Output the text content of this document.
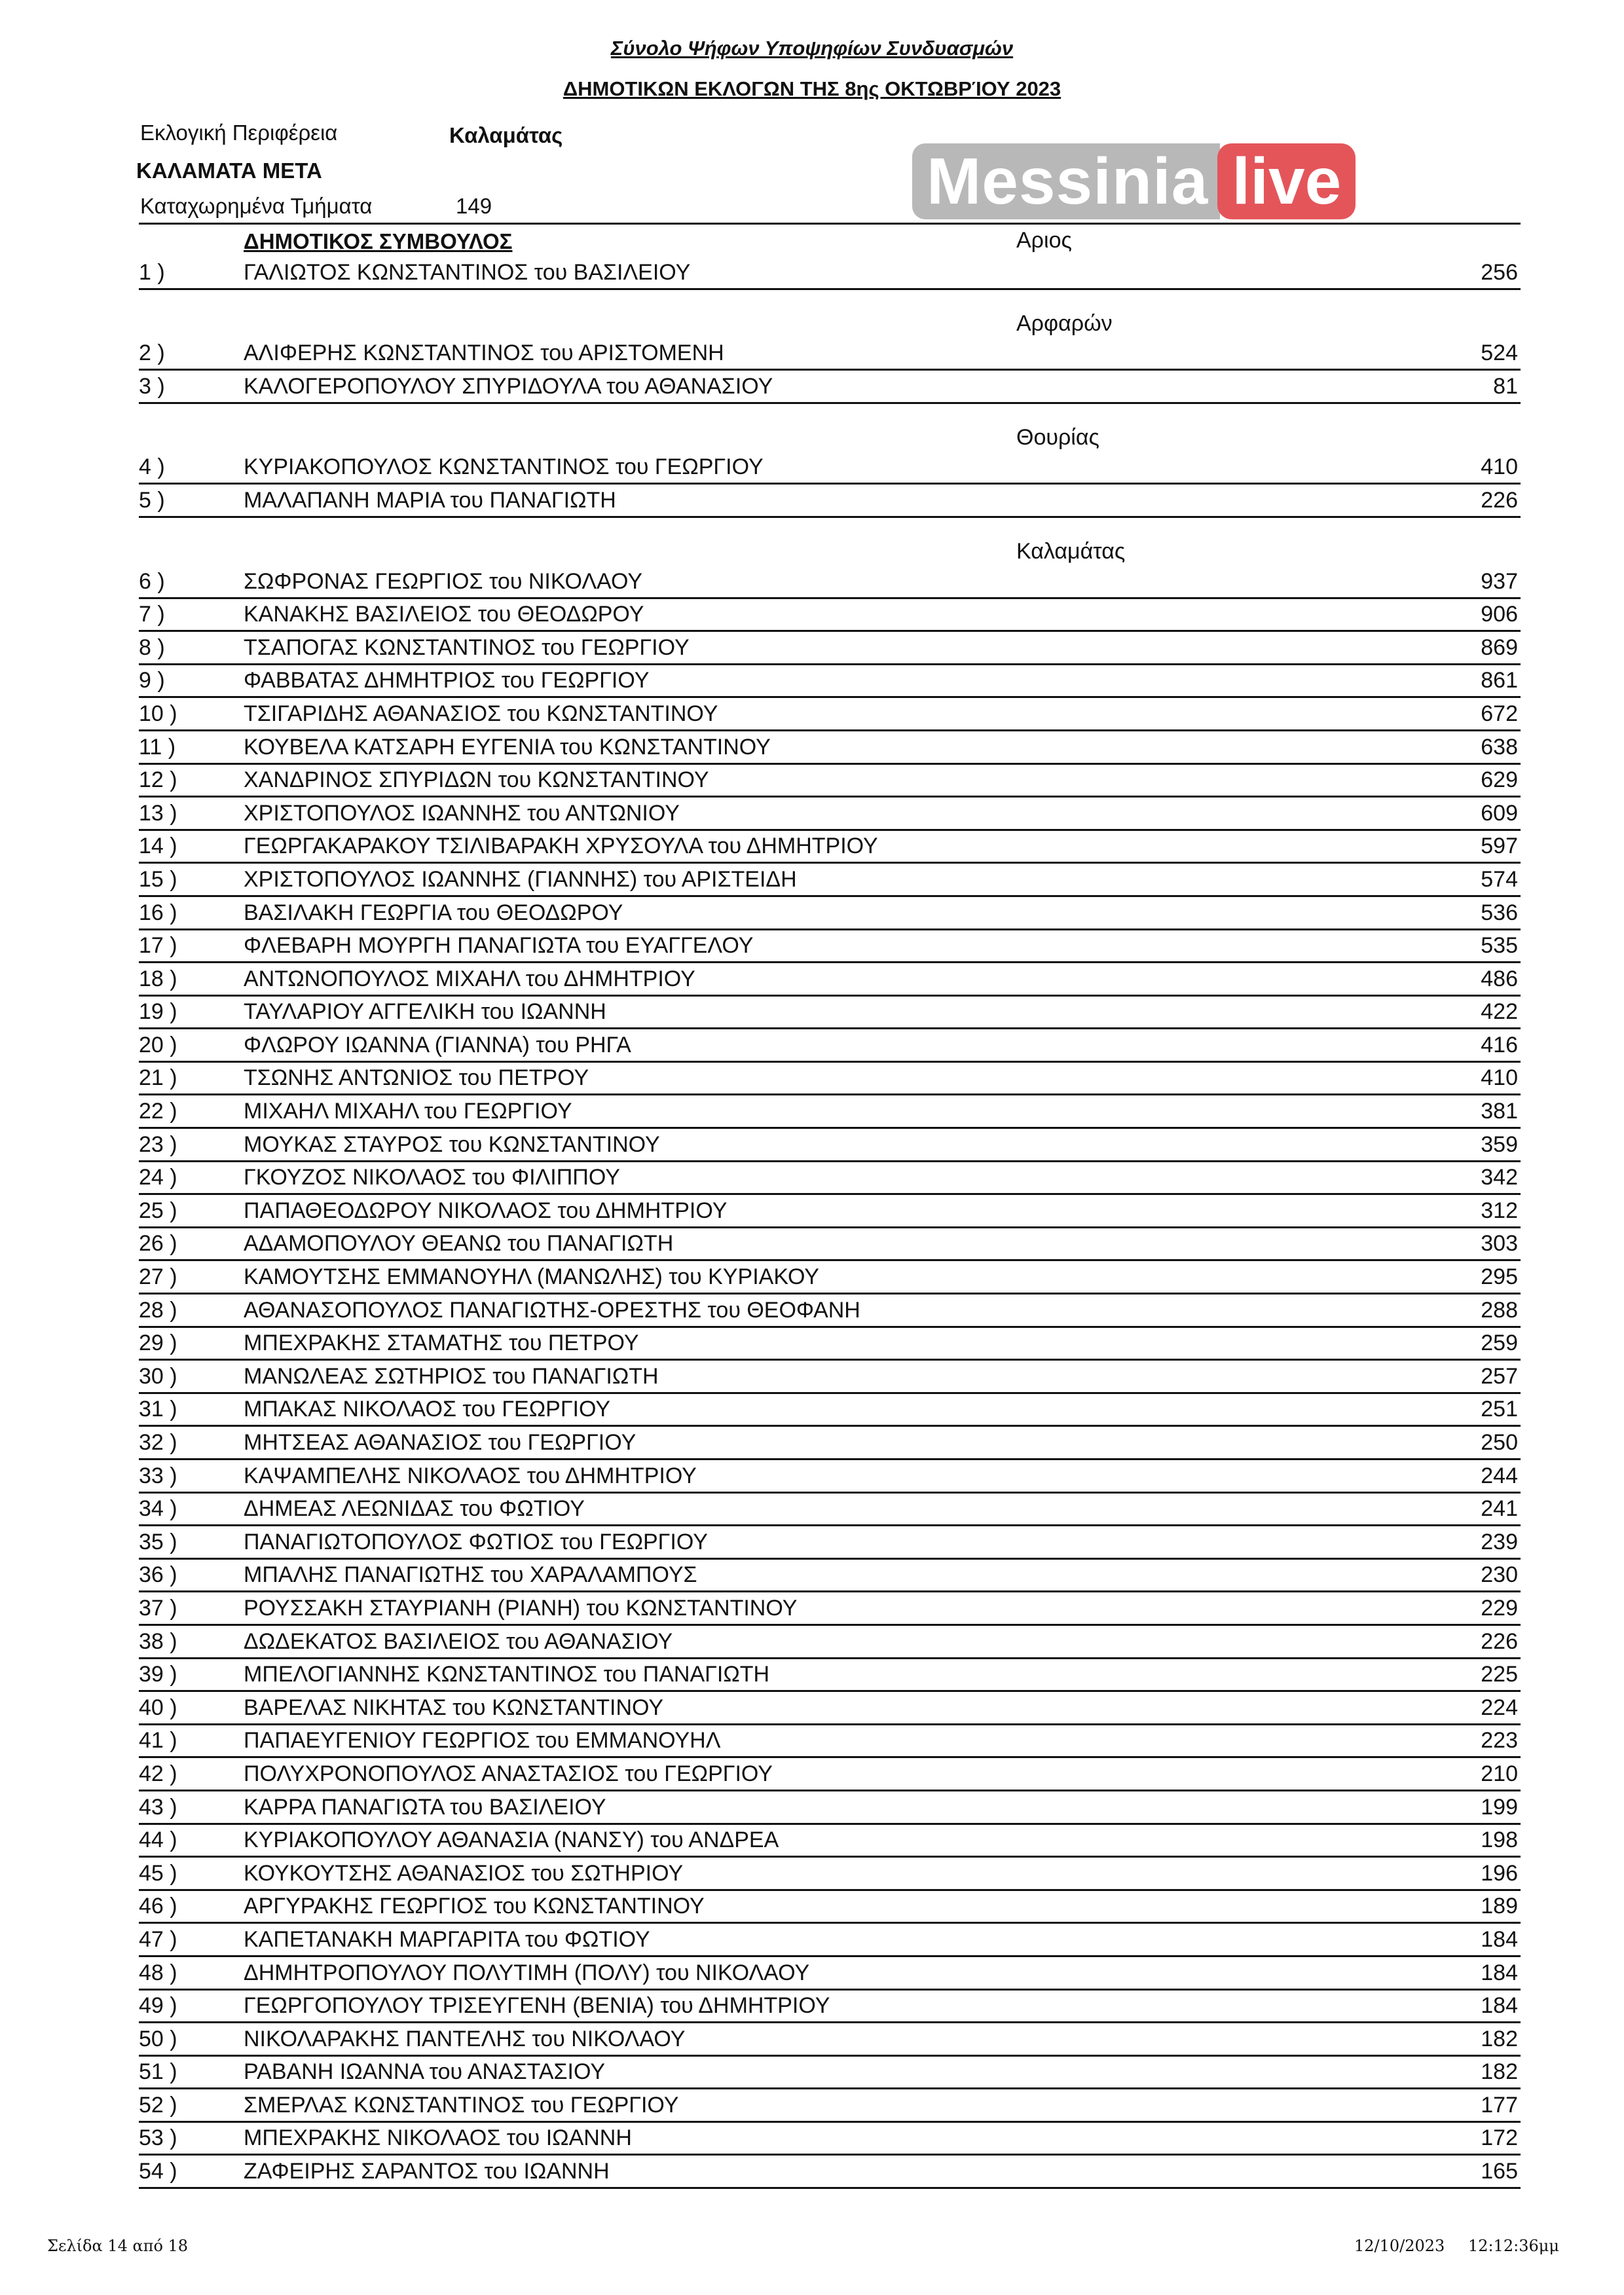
Σύνολο Ψήφων Υποψηφίων Συνδυασμών
ΔΗΜΟΤΙΚΩΝ ΕΚΛΟΓΩΝ ΤΗΣ 8ης ΟΚΤΩΒΡΊΟΥ 2023
Εκλογική Περιφέρεια	Καλαμάτας
ΚΑΛΑΜΑΤΑ ΜΕΤΑ
Καταχωρημένα Τμήματα	149	Messinia live
ΔΗΜΟΤΙΚΟΣ ΣΥΜΒΟΥΛΟΣ	Αριος
1 )	ΓΑΛΙΩΤΟΣ ΚΩΝΣΤΑΝΤΙΝΟΣ του ΒΑΣΙΛΕΙΟΥ	256
Αρφαρών
2 )	ΑΛΙΦΕΡΗΣ ΚΩΝΣΤΑΝΤΙΝΟΣ του ΑΡΙΣΤΟΜΕΝΗ	524
3 )	ΚΑΛΟΓΕΡΟΠΟΥΛΟΥ ΣΠΥΡΙΔΟΥΛΑ του ΑΘΑΝΑΣΙΟΥ	81
Θουρίας
4 )	ΚΥΡΙΑΚΟΠΟΥΛΟΣ ΚΩΝΣΤΑΝΤΙΝΟΣ του ΓΕΩΡΓΙΟΥ	410
5 )	ΜΑΛΑΠΑΝΗ ΜΑΡΙΑ του ΠΑΝΑΓΙΩΤΗ	226
Καλαμάτας
6 )	ΣΩΦΡΟΝΑΣ ΓΕΩΡΓΙΟΣ του ΝΙΚΟΛΑΟΥ	937
7 )	ΚΑΝΑΚΗΣ ΒΑΣΙΛΕΙΟΣ του ΘΕΟΔΩΡΟΥ	906
8 )	ΤΣΑΠΟΓΑΣ ΚΩΝΣΤΑΝΤΙΝΟΣ του ΓΕΩΡΓΙΟΥ	869
9 )	ΦΑΒΒΑΤΑΣ ΔΗΜΗΤΡΙΟΣ του ΓΕΩΡΓΙΟΥ	861
10 )	ΤΣΙΓΑΡΙΔΗΣ ΑΘΑΝΑΣΙΟΣ του ΚΩΝΣΤΑΝΤΙΝΟΥ	672
11 )	ΚΟΥΒΕΛΑ ΚΑΤΣΑΡΗ ΕΥΓΕΝΙΑ του ΚΩΝΣΤΑΝΤΙΝΟΥ	638
12 )	ΧΑΝΔΡΙΝΟΣ ΣΠΥΡΙΔΩΝ του ΚΩΝΣΤΑΝΤΙΝΟΥ	629
13 )	ΧΡΙΣΤΟΠΟΥΛΟΣ ΙΩΑΝΝΗΣ του ΑΝΤΩΝΙΟΥ	609
14 )	ΓΕΩΡΓΑΚΑΡΑΚΟΥ ΤΣΙΛΙΒΑΡΑΚΗ ΧΡΥΣΟΥΛΑ του ΔΗΜΗΤΡΙΟΥ	597
15 )	ΧΡΙΣΤΟΠΟΥΛΟΣ ΙΩΑΝΝΗΣ (ΓΙΑΝΝΗΣ) του ΑΡΙΣΤΕΙΔΗ	574
16 )	ΒΑΣΙΛΑΚΗ ΓΕΩΡΓΙΑ του ΘΕΟΔΩΡΟΥ	536
17 )	ΦΛΕΒΑΡΗ ΜΟΥΡΓΗ ΠΑΝΑΓΙΩΤΑ του ΕΥΑΓΓΕΛΟΥ	535
18 )	ΑΝΤΩΝΟΠΟΥΛΟΣ ΜΙΧΑΗΛ του ΔΗΜΗΤΡΙΟΥ	486
19 )	ΤΑΥΛΑΡΙΟΥ ΑΓΓΕΛΙΚΗ του ΙΩΑΝΝΗ	422
20 )	ΦΛΩΡΟΥ ΙΩΑΝΝΑ (ΓΙΑΝΝΑ) του ΡΗΓΑ	416
21 )	ΤΣΩΝΗΣ ΑΝΤΩΝΙΟΣ του ΠΕΤΡΟΥ	410
22 )	ΜΙΧΑΗΛ ΜΙΧΑΗΛ του ΓΕΩΡΓΙΟΥ	381
23 )	ΜΟΥΚΑΣ ΣΤΑΥΡΟΣ του ΚΩΝΣΤΑΝΤΙΝΟΥ	359
24 )	ΓΚΟΥΖΟΣ ΝΙΚΟΛΑΟΣ του ΦΙΛΙΠΠΟΥ	342
25 )	ΠΑΠΑΘΕΟΔΩΡΟΥ ΝΙΚΟΛΑΟΣ του ΔΗΜΗΤΡΙΟΥ	312
26 )	ΑΔΑΜΟΠΟΥΛΟΥ ΘΕΑΝΩ του ΠΑΝΑΓΙΩΤΗ	303
27 )	ΚΑΜΟΥΤΣΗΣ ΕΜΜΑΝΟΥΗΛ (ΜΑΝΩΛΗΣ) του ΚΥΡΙΑΚΟΥ	295
28 )	ΑΘΑΝΑΣΟΠΟΥΛΟΣ ΠΑΝΑΓΙΩΤΗΣ-ΟΡΕΣΤΗΣ του ΘΕΟΦΑΝΗ	288
29 )	ΜΠΕΧΡΑΚΗΣ ΣΤΑΜΑΤΗΣ του ΠΕΤΡΟΥ	259
30 )	ΜΑΝΩΛΕΑΣ ΣΩΤΗΡΙΟΣ του ΠΑΝΑΓΙΩΤΗ	257
31 )	ΜΠΑΚΑΣ ΝΙΚΟΛΑΟΣ του ΓΕΩΡΓΙΟΥ	251
32 )	ΜΗΤΣΕΑΣ ΑΘΑΝΑΣΙΟΣ του ΓΕΩΡΓΙΟΥ	250
33 )	ΚΑΨΑΜΠΕΛΗΣ ΝΙΚΟΛΑΟΣ του ΔΗΜΗΤΡΙΟΥ	244
34 )	ΔΗΜΕΑΣ ΛΕΩΝΙΔΑΣ του ΦΩΤΙΟΥ	241
35 )	ΠΑΝΑΓΙΩΤΟΠΟΥΛΟΣ ΦΩΤΙΟΣ του ΓΕΩΡΓΙΟΥ	239
36 )	ΜΠΑΛΗΣ ΠΑΝΑΓΙΩΤΗΣ του ΧΑΡΑΛΑΜΠΟΥΣ	230
37 )	ΡΟΥΣΣΑΚΗ ΣΤΑΥΡΙΑΝΗ (ΡΙΑΝΗ) του ΚΩΝΣΤΑΝΤΙΝΟΥ	229
38 )	ΔΩΔΕΚΑΤΟΣ ΒΑΣΙΛΕΙΟΣ του ΑΘΑΝΑΣΙΟΥ	226
39 )	ΜΠΕΛΟΓΙΑΝΝΗΣ ΚΩΝΣΤΑΝΤΙΝΟΣ του ΠΑΝΑΓΙΩΤΗ	225
40 )	ΒΑΡΕΛΑΣ ΝΙΚΗΤΑΣ του ΚΩΝΣΤΑΝΤΙΝΟΥ	224
41 )	ΠΑΠΑΕΥΓΕΝΙΟΥ ΓΕΩΡΓΙΟΣ του ΕΜΜΑΝΟΥΗΛ	223
42 )	ΠΟΛΥΧΡΟΝΟΠΟΥΛΟΣ ΑΝΑΣΤΑΣΙΟΣ του ΓΕΩΡΓΙΟΥ	210
43 )	ΚΑΡΡΑ ΠΑΝΑΓΙΩΤΑ του ΒΑΣΙΛΕΙΟΥ	199
44 )	ΚΥΡΙΑΚΟΠΟΥΛΟΥ ΑΘΑΝΑΣΙΑ (ΝΑΝΣΥ) του ΑΝΔΡΕΑ	198
45 )	ΚΟΥΚΟΥΤΣΗΣ ΑΘΑΝΑΣΙΟΣ του ΣΩΤΗΡΙΟΥ	196
46 )	ΑΡΓΥΡΑΚΗΣ ΓΕΩΡΓΙΟΣ του ΚΩΝΣΤΑΝΤΙΝΟΥ	189
47 )	ΚΑΠΕΤΑΝΑΚΗ ΜΑΡΓΑΡΙΤΑ του ΦΩΤΙΟΥ	184
48 )	ΔΗΜΗΤΡΟΠΟΥΛΟΥ ΠΟΛΥΤΙΜΗ (ΠΟΛΥ) του ΝΙΚΟΛΑΟΥ	184
49 )	ΓΕΩΡΓΟΠΟΥΛΟΥ ΤΡΙΣΕΥΓΕΝΗ (ΒΕΝΙΑ) του ΔΗΜΗΤΡΙΟΥ	184
50 )	ΝΙΚΟΛΑΡΑΚΗΣ ΠΑΝΤΕΛΗΣ του ΝΙΚΟΛΑΟΥ	182
51 )	ΡΑΒΑΝΗ ΙΩΑΝΝΑ του ΑΝΑΣΤΑΣΙΟΥ	182
52 )	ΣΜΕΡΛΑΣ ΚΩΝΣΤΑΝΤΙΝΟΣ του ΓΕΩΡΓΙΟΥ	177
53 )	ΜΠΕΧΡΑΚΗΣ ΝΙΚΟΛΑΟΣ του ΙΩΑΝΝΗ	172
54 )	ΖΑΦΕΙΡΗΣ ΣΑΡΑΝΤΟΣ του ΙΩΑΝΝΗ	165
Σελίδα 14 από 18	12/10/2023 12:12:36μμ
